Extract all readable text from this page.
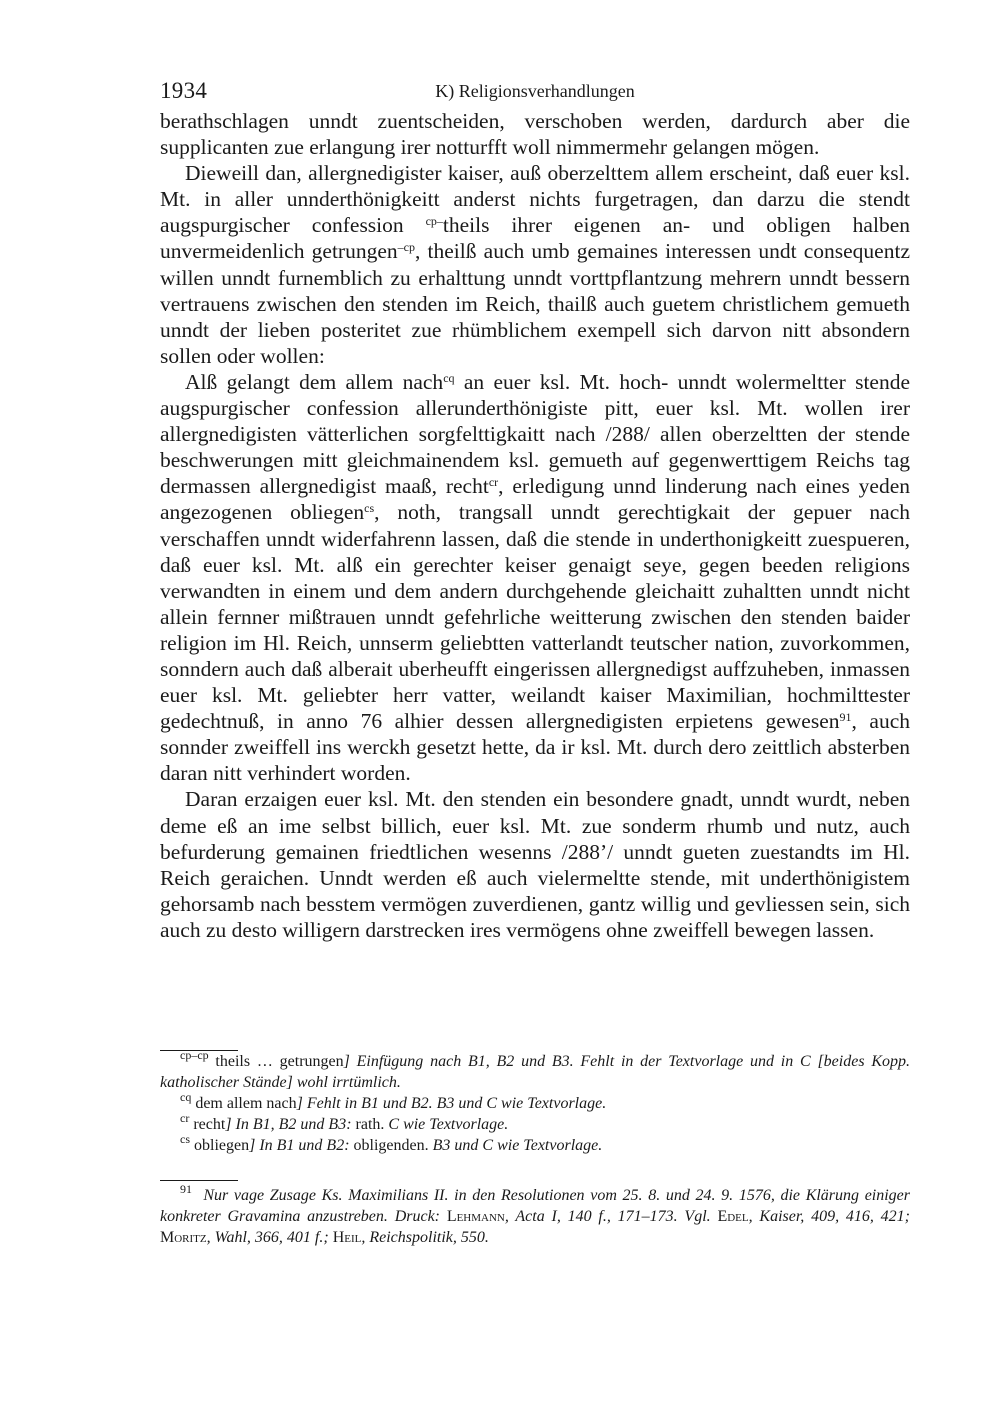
1934	K) Religionsverhandlungen

berathschlagen unndt zuentscheiden, verschoben werden, dardurch aber die supplicanten zue erlangung irer notturfft woll nimmermehr gelangen mögen.

Dieweill dan, allergnedigister kaiser, auß oberzelttem allem erscheint, daß euer ksl. Mt. in aller unnderthönigkeitt anderst nichts furgetragen, dan darzu die stendt augspurgischer confession $^{cp-}$theils ihrer eigenen an- und obligen halben unvermeidenlich getrungen$^{-cp}$, theilß auch umb gemaines interessen undt consequentz willen unndt furnemblich zu erhalttung unndt vorttpflantzung mehrern unndt bessern vertrauens zwischen den stenden im Reich, thailß auch guetem christlichem gemueth unndt der lieben posteritet zue rhümblichem exempell sich darvon nitt absondern sollen oder wollen:

Alß gelangt dem allem nach$^{cq}$ an euer ksl. Mt. hoch- unndt wolermeltter stende augspurgischer confession allerunderthönigiste pitt, euer ksl. Mt. wollen irer allergnedigisten vätterlichen sorgfelttigkaitt nach /288/ allen oberzeltten der stende beschwerungen mitt gleichmainendem ksl. gemueth auf gegenwerttigem Reichs tag dermassen allergnedigist maaß, recht$^{cr}$, erledigung unnd linderung nach eines yeden angezogenen obliegen$^{cs}$, noth, trangsall unndt gerechtigkait der gepuer nach verschaffen unndt widerfahrenn lassen, daß die stende in underthonigkeitt zuespueren, daß euer ksl. Mt. alß ein gerechter keiser genaigt seye, gegen beeden religions verwandten in einem und dem andern durchgehende gleichaitt zuhaltten unndt nicht allein fernner mißtrauen unndt gefehrliche weitterung zwischen den stenden baider religion im Hl. Reich, unnserm geliebtten vatterlandt teutscher nation, zuvorkommen, sonndern auch daß alberait uberheufft eingerissen allergnedigst auffzuheben, inmassen euer ksl. Mt. geliebter herr vatter, weilandt kaiser Maximilian, hochmilttester gedechtnuß, in anno 76 alhier dessen allergnedigisten erpietens gewesen$^{91}$, auch sonnder zweiffell ins werckh gesetzt hette, da ir ksl. Mt. durch dero zeittlich absterben daran nitt verhindert worden.

Daran erzaigen euer ksl. Mt. den stenden ein besondere gnadt, unndt wurdt, neben deme eß an ime selbst billich, euer ksl. Mt. zue sonderm rhumb und nutz, auch befurderung gemainen friedtlichen wesenns /288’/ unndt gueten zuestandts im Hl. Reich geraichen. Unndt werden eß auch vielermeltte stende, mit underthönigistem gehorsamb nach besstem vermögen zuverdienen, gantz willig und gevliessen sein, sich auch zu desto willigern darstrecken ires vermögens ohne zweiffell bewegen lassen.

$^{cp-cp}$ theils … getrungen] Einfügung nach B1, B2 und B3. Fehlt in der Textvorlage und in C [beides Kopp. katholischer Stände] wohl irrtümlich.

$^{cq}$ dem allem nach] Fehlt in B1 und B2. B3 und C wie Textvorlage.

$^{cr}$ recht] In B1, B2 und B3: rath. C wie Textvorlage.

$^{cs}$ obliegen] In B1 und B2: obligenden. B3 und C wie Textvorlage.

$^{91}$ Nur vage Zusage Ks. Maximilians II. in den Resolutionen vom 25. 8. und 24. 9. 1576, die Klärung einiger konkreter Gravamina anzustreben. Druck: Lehmann, Acta I, 140 f., 171–173. Vgl. Edel, Kaiser, 409, 416, 421; Moritz, Wahl, 366, 401 f.; Heil, Reichspolitik, 550.
